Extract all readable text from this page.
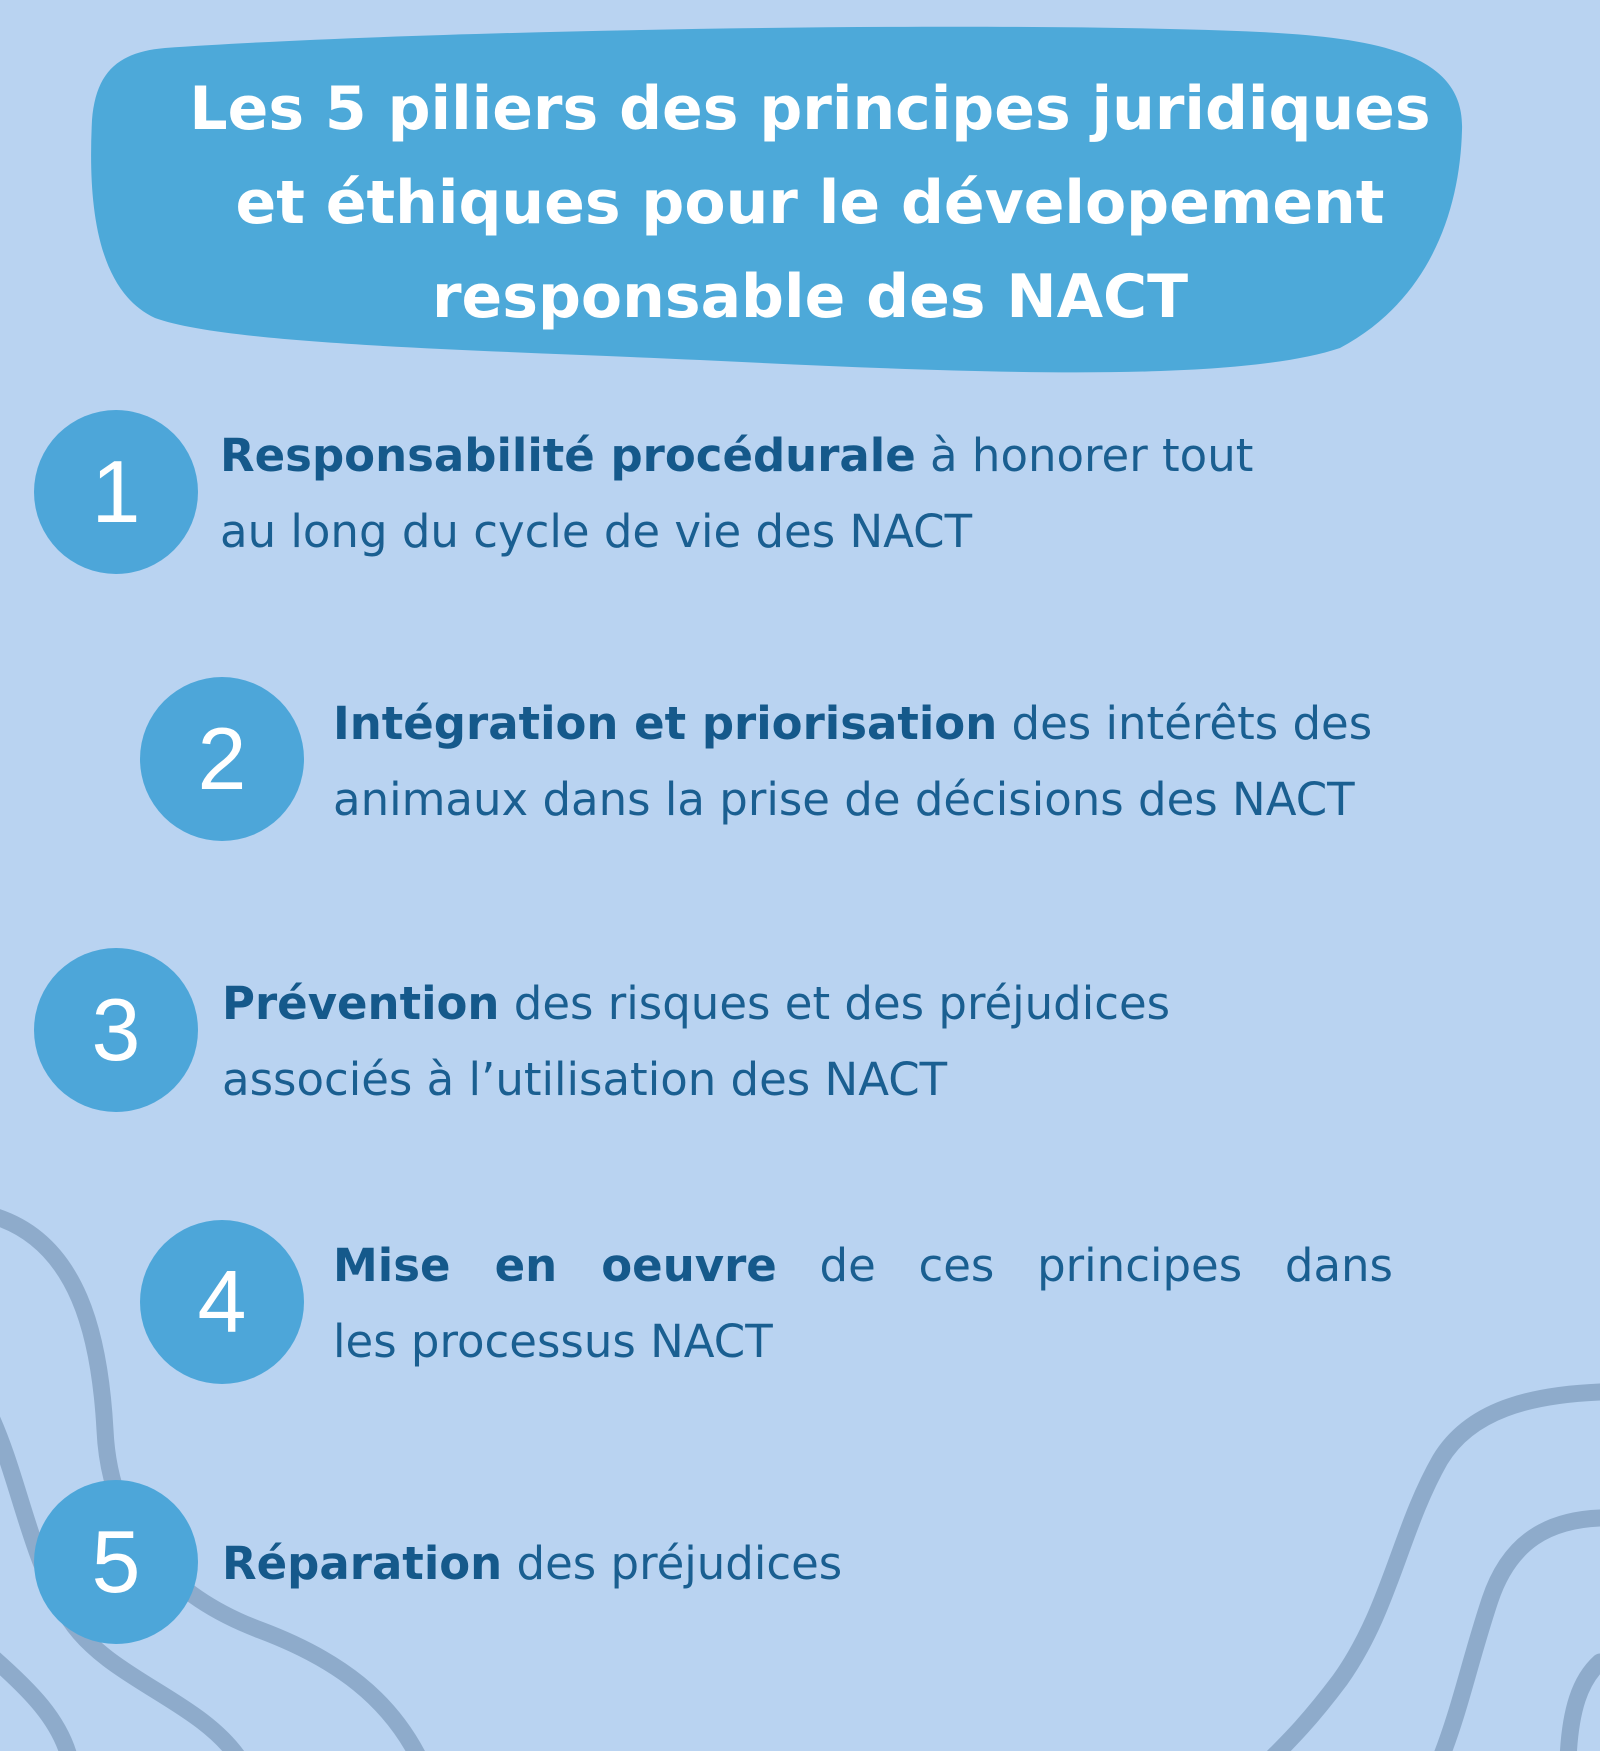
Les 5 piliers des principes juridiques
et éthiques pour le dévelopement
responsable des NACT
1	Responsabilité procédurale à honorer tout
au long du cycle de vie des NACT
2	Intégration et priorisation des intérêts des
animaux dans la prise de décisions des NACT
3	Prévention des risques et des préjudices
associés à l’utilisation des NACT
4	Mise en oeuvre de ces principes dans
les processus NACT
5	Réparation des préjudices
